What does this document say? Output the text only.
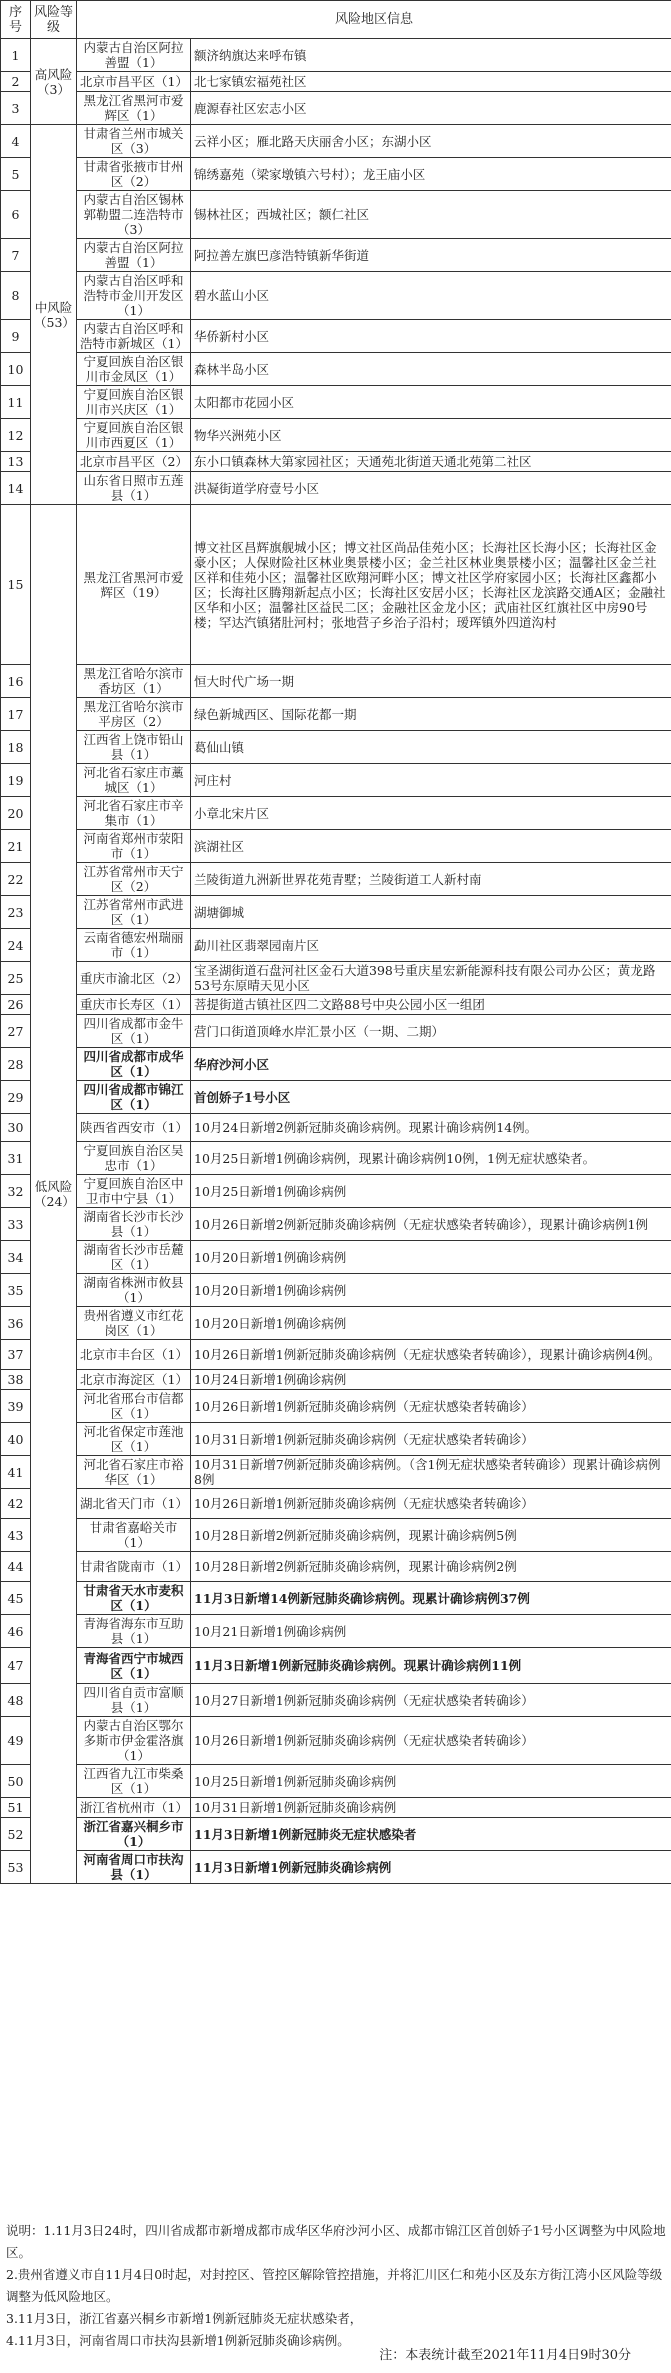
序号	风险等级	风险地区信息	
1	高风险（3）	内蒙古自治区阿拉善盟（1）	额济纳旗达来呼布镇
2		北京市昌平区（1）	北七家镇宏福苑社区
3		黑龙江省黑河市爱辉区（1）	鹿源春社区宏志小区
4	中风险（53）	甘肃省兰州市城关区（3）	云祥小区；雁北路天庆丽舍小区；东湖小区
5		甘肃省张掖市甘州区（2）	锦绣嘉苑（梁家墩镇六号村）；龙王庙小区
6		内蒙古自治区锡林郭勒盟二连浩特市（3）	锡林社区；西城社区；额仁社区
7		内蒙古自治区阿拉善盟（1）	阿拉善左旗巴彦浩特镇新华街道
8		内蒙古自治区呼和浩特市金川开发区（1）	碧水蓝山小区
9		内蒙古自治区呼和浩特市新城区（1）	华侨新村小区
10		宁夏回族自治区银川市金凤区（1）	森林半岛小区
11		宁夏回族自治区银川市兴庆区（1）	太阳都市花园小区
12		宁夏回族自治区银川市西夏区（1）	物华兴洲苑小区
13		北京市昌平区（2）	东小口镇森林大第家园社区；天通苑北街道天通北苑第二社区
14		山东省日照市五莲县（1）	洪凝街道学府壹号小区
15	低风险（24）	黑龙江省黑河市爱辉区（19）	博文社区昌辉旗舰城小区；博文社区尚品佳苑小区；长海社区长海小区；长海社区金豪小区；人保财险社区林业奥景楼小区；金兰社区林业奥景楼小区；温馨社区金兰社区祥和佳苑小区；温馨社区欧翔河畔小区；博文社区学府家园小区；长海社区鑫都小区；长海社区腾翔新起点小区；长海社区安居小区；长海社区龙滨路交通A区；金融社区华和小区；温馨社区益民二区；金融社区金龙小区；武庙社区红旗社区中房90号楼；罕达汽镇猪肚河村；张地营子乡治子沿村；瑷珲镇外四道沟村
16		黑龙江省哈尔滨市香坊区（1）	恒大时代广场一期
17		黑龙江省哈尔滨市平房区（2）	绿色新城西区、国际花都一期
18		江西省上饶市铅山县（1）	葛仙山镇
19		河北省石家庄市藁城区（1）	河庄村
20		河北省石家庄市辛集市（1）	小章北宋片区
21		河南省郑州市荥阳市（1）	滨湖社区
22		江苏省常州市天宁区（2）	兰陵街道九洲新世界花苑青墅；兰陵街道工人新村南
23		江苏省常州市武进区（1）	湖塘御城
24		云南省德宏州瑞丽市（1）	勐川社区翡翠园南片区
25		重庆市渝北区（2）	宝圣湖街道石盘河社区金石大道398号重庆星宏新能源科技有限公司办公区；黄龙路53号东原晴天见小区
26		重庆市长寿区（1）	菩提街道古镇社区四二文路88号中央公园小区一组团
27		四川省成都市金牛区（1）	营门口街道顶峰水岸汇景小区（一期、二期）
28		四川省成都市成华区（1）	华府沙河小区
29		四川省成都市锦江区（1）	首创娇子1号小区
30		陕西省西安市（1）	10月24日新增2例新冠肺炎确诊病例。现累计确诊病例14例。
31		宁夏回族自治区吴忠市（1）	10月25日新增1例确诊病例，现累计确诊病例10例，1例无症状感染者。
32		宁夏回族自治区中卫市中宁县（1）	10月25日新增1例确诊病例
33		湖南省长沙市长沙县（1）	10月26日新增2例新冠肺炎确诊病例（无症状感染者转确诊），现累计确诊病例1例
34		湖南省长沙市岳麓区（1）	10月20日新增1例确诊病例
35		湖南省株洲市攸县（1）	10月20日新增1例确诊病例
36		贵州省遵义市红花岗区（1）	10月20日新增1例确诊病例
37		北京市丰台区（1）	10月26日新增1例新冠肺炎确诊病例（无症状感染者转确诊），现累计确诊病例4例。
38		北京市海淀区（1）	10月24日新增1例确诊病例
39		河北省邢台市信都区（1）	10月26日新增1例新冠肺炎确诊病例（无症状感染者转确诊）
40		河北省保定市莲池区（1）	10月31日新增1例新冠肺炎确诊病例（无症状感染者转确诊）
41		河北省石家庄市裕华区（1）	10月31日新增7例新冠肺炎确诊病例。（含1例无症状感染者转确诊）现累计确诊病例8例
42		湖北省天门市（1）	10月26日新增1例新冠肺炎确诊病例（无症状感染者转确诊）
43		甘肃省嘉峪关市（1）	10月28日新增2例新冠肺炎确诊病例，现累计确诊病例5例
44		甘肃省陇南市（1）	10月28日新增2例新冠肺炎确诊病例，现累计确诊病例2例
45		甘肃省天水市麦积区（1）	11月3日新增14例新冠肺炎确诊病例。现累计确诊病例37例
46		青海省海东市互助县（1）	10月21日新增1例确诊病例
47		青海省西宁市城西区（1）	11月3日新增1例新冠肺炎确诊病例。现累计确诊病例11例
48		四川省自贡市富顺县（1）	10月27日新增1例新冠肺炎确诊病例（无症状感染者转确诊）
49		内蒙古自治区鄂尔多斯市伊金霍洛旗（1）	10月26日新增1例新冠肺炎确诊病例（无症状感染者转确诊）
50		江西省九江市柴桑区（1）	10月25日新增1例新冠肺炎确诊病例
51		浙江省杭州市（1）	10月31日新增1例新冠肺炎确诊病例
52		浙江省嘉兴桐乡市（1）	11月3日新增1例新冠肺炎无症状感染者
53		河南省周口市扶沟县（1）	11月3日新增1例新冠肺炎确诊病例

说明：1.11月3日24时，四川省成都市新增成都市成华区华府沙河小区、成都市锦江区首创娇子1号小区调整为中风险地区。

2.贵州省遵义市自11月4日0时起，对封控区、管控区解除管控措施，并将汇川区仁和苑小区及东方街江湾小区风险等级调整为低风险地区。

3.11月3日，浙江省嘉兴桐乡市新增1例新冠肺炎无症状感染者，

4.11月3日，河南省周口市扶沟县新增1例新冠肺炎确诊病例。

注：本表统计截至2021年11月4日9时30分
